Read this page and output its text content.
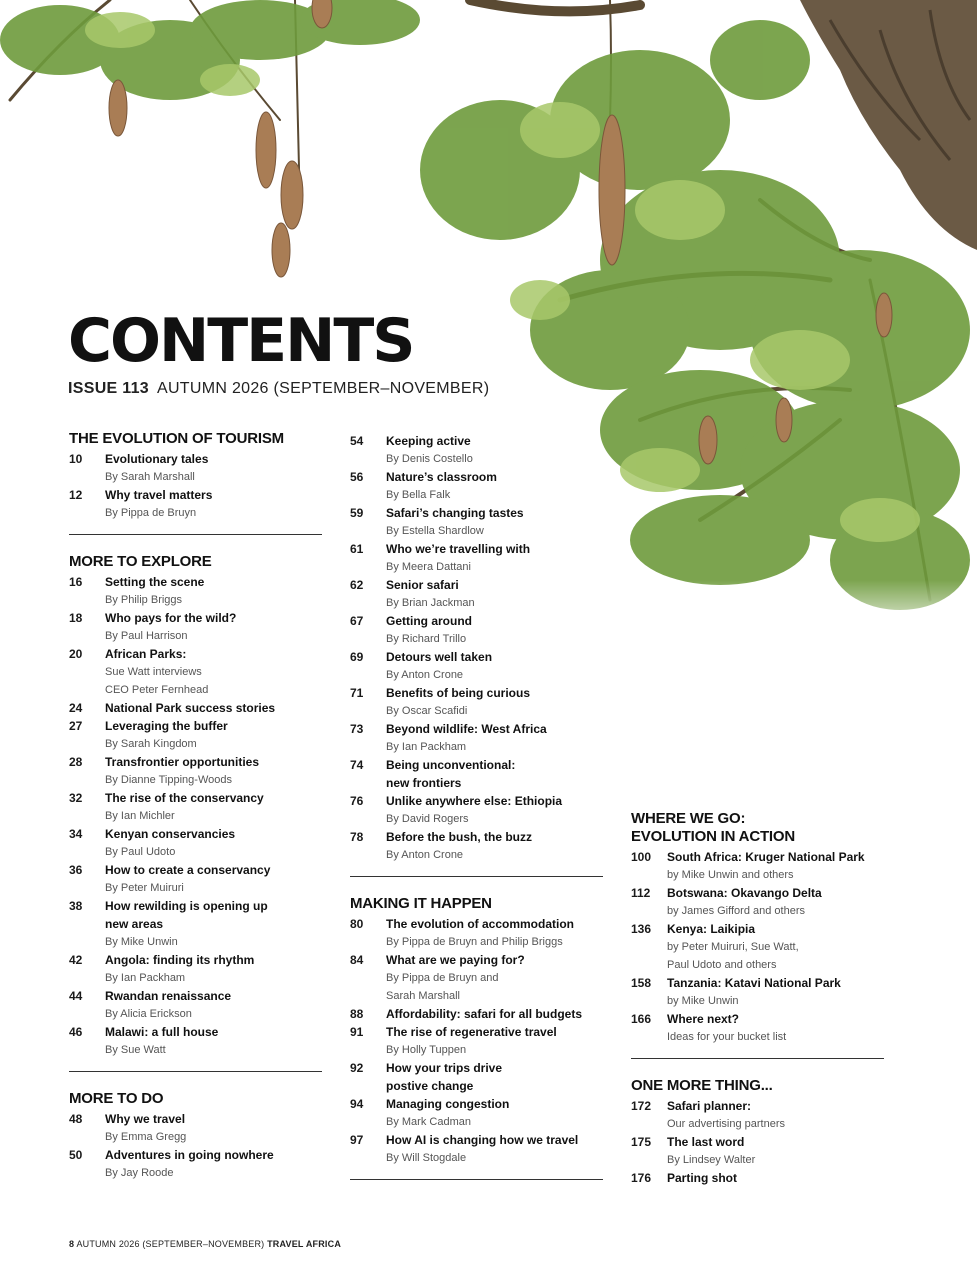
CONTENTS
ISSUE 113 AUTUMN 2026 (SEPTEMBER–NOVEMBER)
THE EVOLUTION OF TOURISM
10	Evolutionary tales
By Sarah Marshall
12	Why travel matters
By Pippa de Bruyn
MORE TO EXPLORE
16	Setting the scene
By Philip Briggs
18	Who pays for the wild?
By Paul Harrison
20	African Parks:
Sue Watt interviews
CEO Peter Fernhead
24	National Park success stories
27	Leveraging the buffer
By Sarah Kingdom
28	Transfrontier opportunities
By Dianne Tipping-Woods
32	The rise of the conservancy
By Ian Michler
34	Kenyan conservancies
By Paul Udoto
36	How to create a conservancy
By Peter Muiruri
38	How rewilding is opening up
new areas
By Mike Unwin
42	Angola: finding its rhythm
By Ian Packham
44	Rwandan renaissance
By Alicia Erickson
46	Malawi: a full house
By Sue Watt
MORE TO DO
48	Why we travel
By Emma Gregg
50	Adventures in going nowhere
By Jay Roode
54	Keeping active
By Denis Costello
56	Nature’s classroom
By Bella Falk
59	Safari’s changing tastes
By Estella Shardlow
61	Who we’re travelling with
By Meera Dattani
62	Senior safari
By Brian Jackman
67	Getting around
By Richard Trillo
69	Detours well taken
By Anton Crone
71	Benefits of being curious
By Oscar Scafidi
73	Beyond wildlife: West Africa
By Ian Packham
74	Being unconventional:
new frontiers
76	Unlike anywhere else: Ethiopia
By David Rogers
78	Before the bush, the buzz
By Anton Crone
MAKING IT HAPPEN
80	The evolution of accommodation
By Pippa de Bruyn and Philip Briggs
84	What are we paying for?
By Pippa de Bruyn and
Sarah Marshall
88	Affordability: safari for all budgets
91	The rise of regenerative travel
By Holly Tuppen
92	How your trips drive
postive change
94	Managing congestion
By Mark Cadman
97	How AI is changing how we travel
By Will Stogdale
WHERE WE GO:
EVOLUTION IN ACTION
100	South Africa: Kruger National Park
by Mike Unwin and others
112	Botswana: Okavango Delta
by James Gifford and others
136	Kenya: Laikipia
by Peter Muiruri, Sue Watt,
Paul Udoto and others
158	Tanzania: Katavi National Park
by Mike Unwin
166	Where next?
Ideas for your bucket list
ONE MORE THING...
172	Safari planner:
Our advertising partners
175	The last word
By Lindsey Walter
176	Parting shot
8 AUTUMN 2026 (SEPTEMBER–NOVEMBER) TRAVEL AFRICA
